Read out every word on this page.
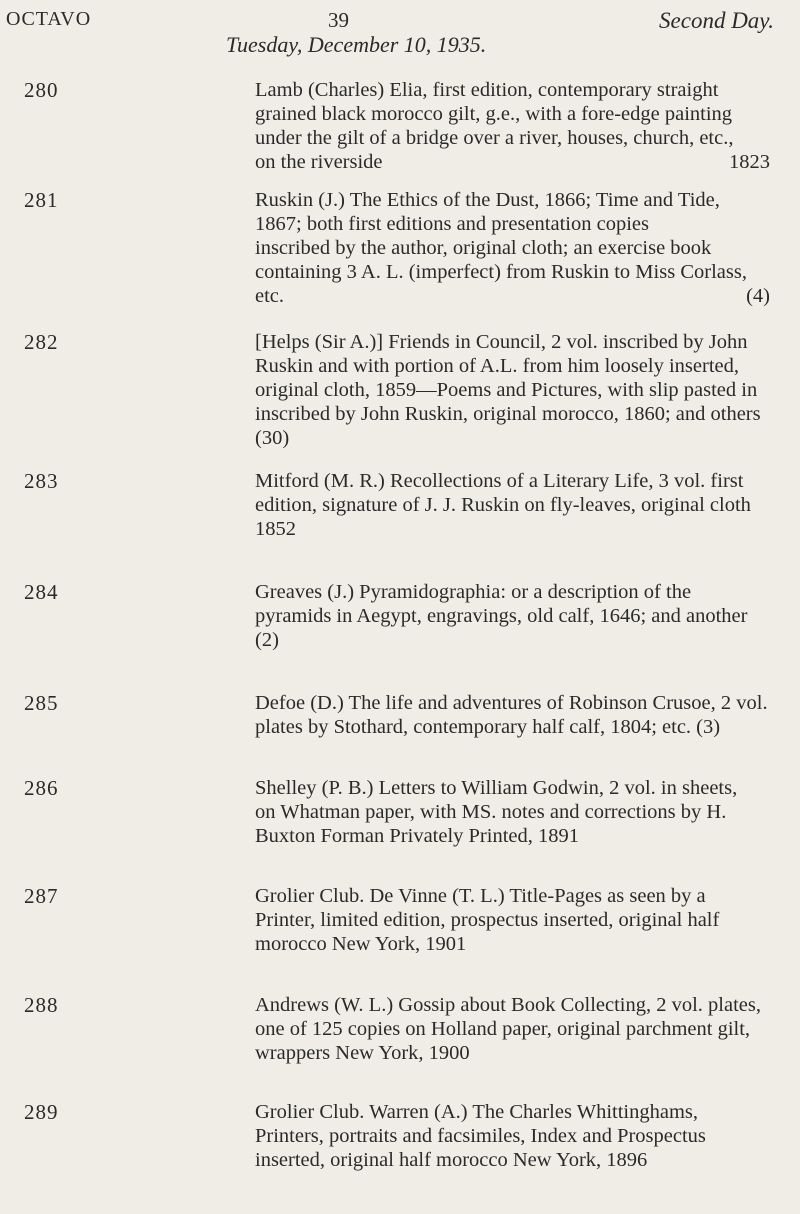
OCTAVO	39	Second Day.
Tuesday, December 10, 1935.
280	Lamb (Charles) Elia, first edition, contemporary straight
grained black morocco gilt, g.e., with a fore-edge painting
under the gilt of a bridge over a river, houses, church, etc.,
on the riverside	1823
281	Ruskin (J.) The Ethics of the Dust, 1866; Time and Tide,
1867; both first editions and presentation copies
inscribed by the author, original cloth; an exercise book
containing 3 A. L. (imperfect) from Ruskin to Miss Corlass,
etc.	(4)
282	[Helps (Sir A.)] Friends in Council, 2 vol. inscribed by John
Ruskin and with portion of A.L. from him loosely inserted,
original cloth, 1859—Poems and Pictures, with slip pasted in
inscribed by John Ruskin, original morocco, 1860; and others
(30)
283	Mitford (M. R.) Recollections of a Literary Life, 3 vol. first
edition, signature of J. J. Ruskin on fly-leaves, original cloth
1852
284	Greaves (J.) Pyramidographia: or a description of the
pyramids in Aegypt, engravings, old calf, 1646; and another
(2)
285	Defoe (D.) The life and adventures of Robinson Crusoe, 2 vol.
plates by Stothard, contemporary half calf, 1804; etc. (3)
286	Shelley (P. B.) Letters to William Godwin, 2 vol. in sheets,
on Whatman paper, with MS. notes and corrections by H.
Buxton Forman Privately Printed, 1891
287	Grolier Club. De Vinne (T. L.) Title-Pages as seen by a
Printer, limited edition, prospectus inserted, original half
morocco New York, 1901
288	Andrews (W. L.) Gossip about Book Collecting, 2 vol. plates,
one of 125 copies on Holland paper, original parchment gilt,
wrappers New York, 1900
289	Grolier Club. Warren (A.) The Charles Whittinghams,
Printers, portraits and facsimiles, Index and Prospectus
inserted, original half morocco New York, 1896
